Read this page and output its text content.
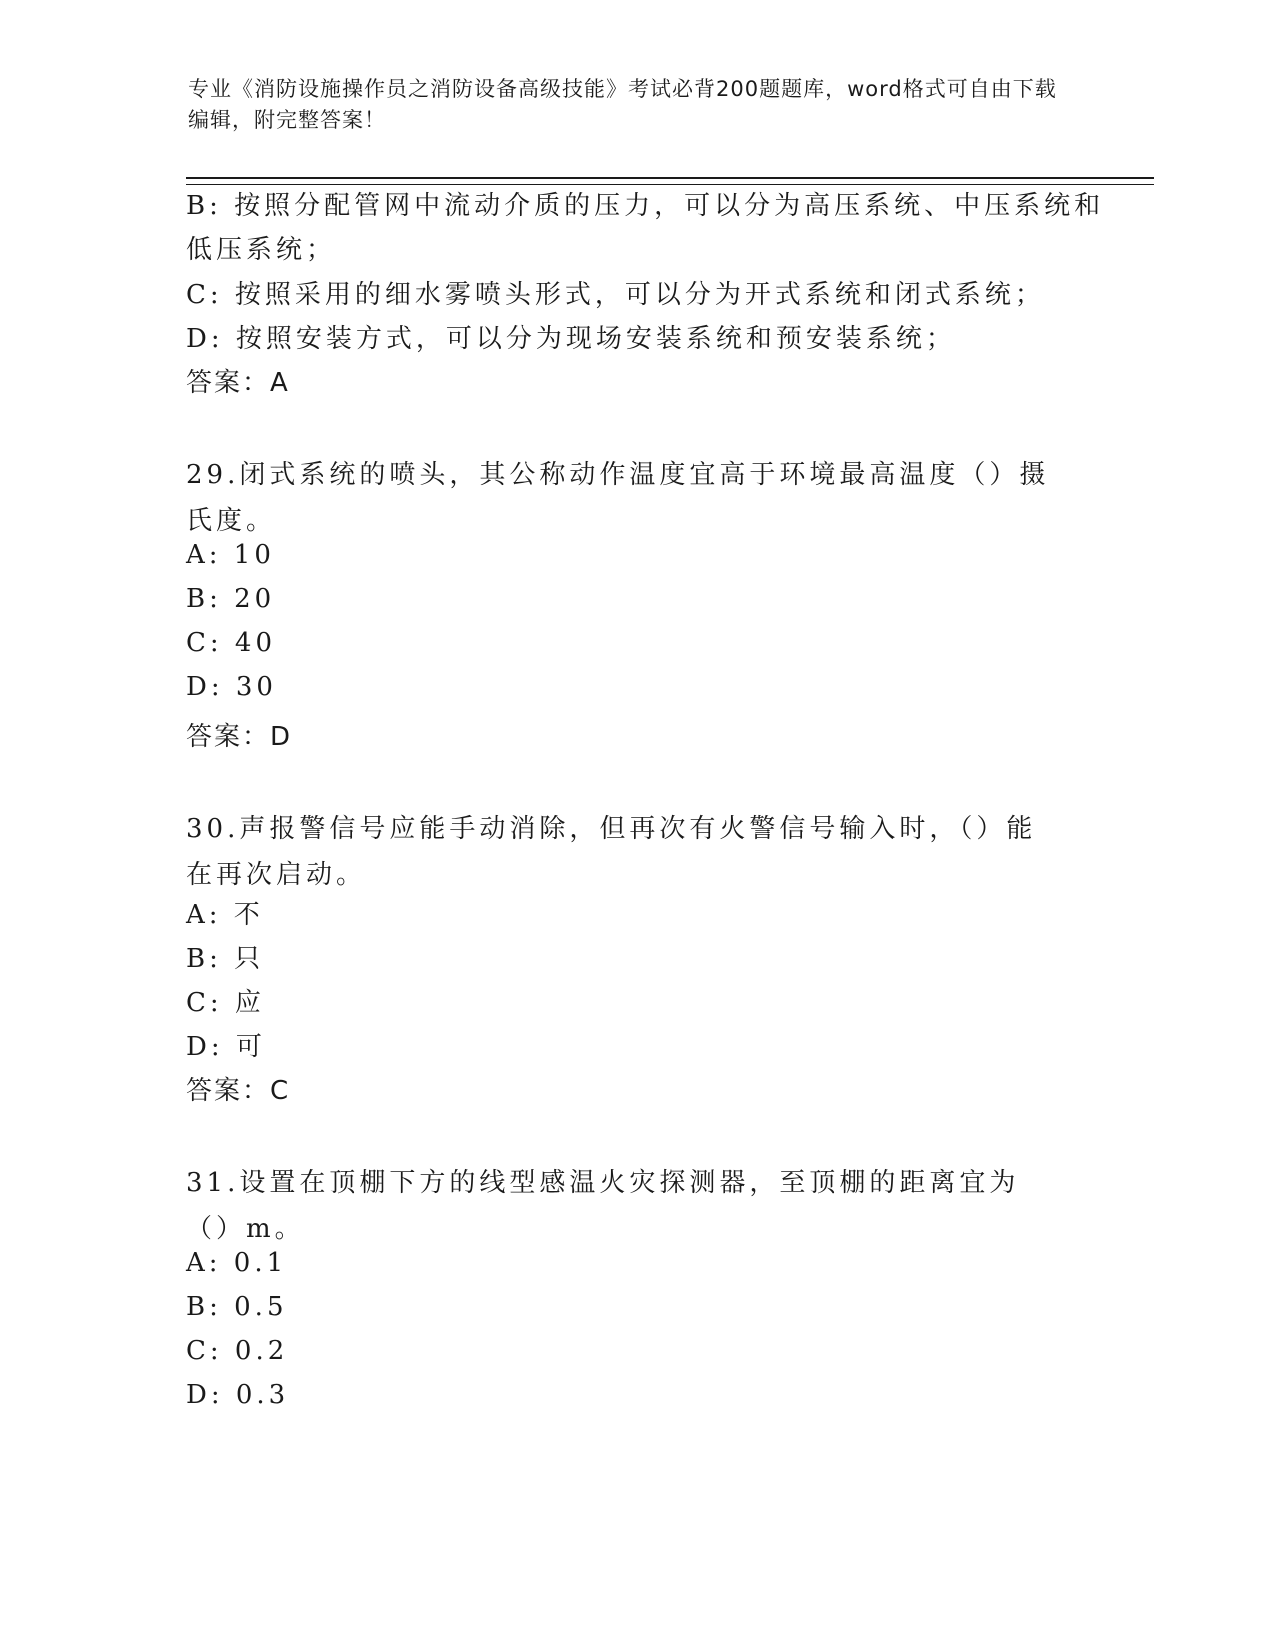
专业《消防设施操作员之消防设备高级技能》考试必背200题题库，word格式可自由下载编辑，附完整答案！
B: 按照分配管网中流动介质的压力，可以分为高压系统、中压系统和
低压系统；
C: 按照采用的细水雾喷头形式，可以分为开式系统和闭式系统；
D: 按照安装方式，可以分为现场安装系统和预安装系统；
答案：A
29.闭式系统的喷头，其公称动作温度宜高于环境最高温度（）摄氏度。
A: 10
B: 20
C: 40
D: 30
答案：D
30.声报警信号应能手动消除，但再次有火警信号输入时，（）能在再次启动。
A: 不
B: 只
C: 应
D: 可
答案：C
31.设置在顶棚下方的线型感温火灾探测器，至顶棚的距离宜为（）m。
A: 0.1
B: 0.5
C: 0.2
D: 0.3
